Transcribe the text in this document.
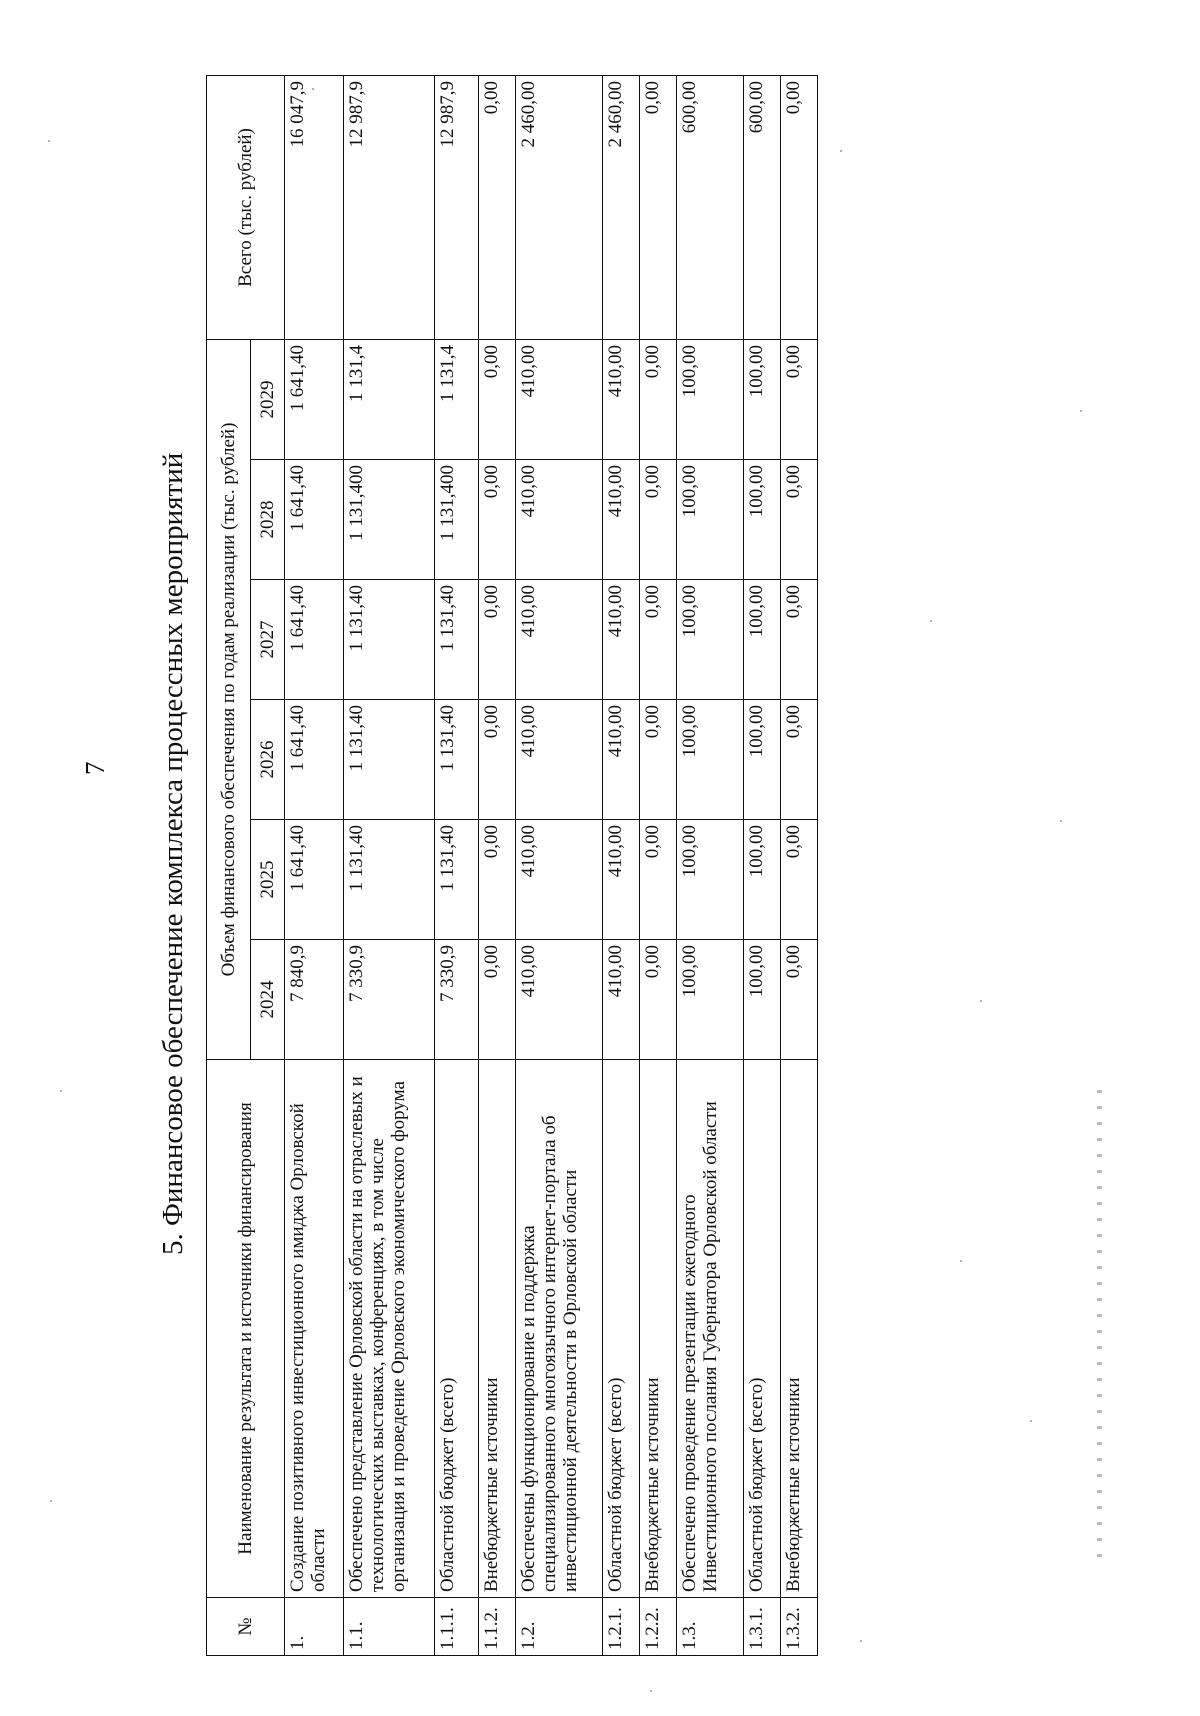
7 5. Финансовое обеспечение комплекса процессных мероприятий
№	Наименование результата и источники финансирования	Объем финансового обеспечения по годам реализации (тыс. рублей)						Всего (тыс. рублей)
		2024	2025	2026	2027	2028	2029	
1.	Создание позитивного инвестиционного имиджа Орловской области	7 840,9	1 641,40	1 641,40	1 641,40	1 641,40	1 641,40	16 047,9
1.1.	Обеспечено представление Орловской области на отраслевых и технологических выставках, конференциях, в том числе организация и проведение Орловского экономического форума	7 330,9	1 131,40	1 131,40	1 131,40	1 131,400	1 131,4	12 987,9
1.1.1.	Областной бюджет (всего)	7 330,9	1 131,40	1 131,40	1 131,40	1 131,400	1 131,4	12 987,9
1.1.2.	Внебюджетные источники	0,00	0,00	0,00	0,00	0,00	0,00	0,00
1.2.	Обеспечены функционирование и поддержка специализированного многоязычного интернет-портала об инвестиционной деятельности в Орловской области	410,00	410,00	410,00	410,00	410,00	410,00	2 460,00
1.2.1.	Областной бюджет (всего)	410,00	410,00	410,00	410,00	410,00	410,00	2 460,00
1.2.2.	Внебюджетные источники	0,00	0,00	0,00	0,00	0,00	0,00	0,00
1.3.	Обеспечено проведение презентации ежегодного Инвестиционного послания Губернатора Орловской области	100,00	100,00	100,00	100,00	100,00	100,00	600,00
1.3.1.	Областной бюджет (всего)	100,00	100,00	100,00	100,00	100,00	100,00	600,00
1.3.2.	Внебюджетные источники	0,00	0,00	0,00	0,00	0,00	0,00	0,00
